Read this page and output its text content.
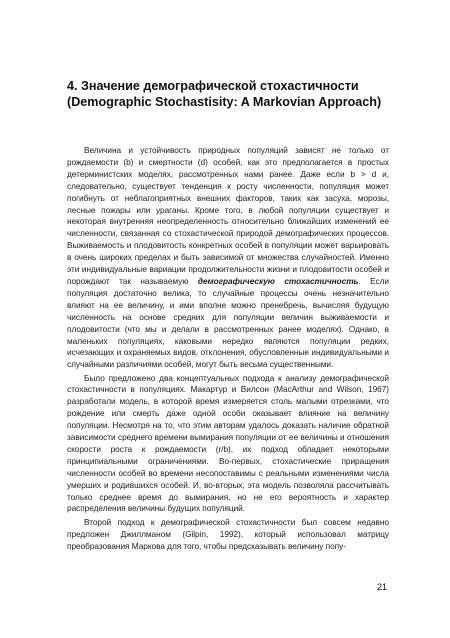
4. Значение демографической стохастичности
(Demographic Stochastisity: A Markovian Approach)

Величина и устойчивость природных популяций зависят не только от рождаемости (b) и смертности (d) особей, как это предполагается в простых детерминистских моделях, рассмотренных нами ранее. Даже если b > d и, следовательно, существует тенденция к росту численности, популяция может погибнуть от неблагоприятных внешних факторов, таких как засуха, морозы, лесные пожары или ураганы. Кроме того, в любой популяции существует и некоторая внутренняя неопределенность относительно ближайших изменений ее численности, связанная со стохастической природой демографических процессов. Выживаемость и плодовитость конкретных особей в популяции может варьировать в очень широких пределах и быть зависимой от множества случайностей. Именно эти индивидуальные вариации продолжительности жизни и плодовитости особей и порождают так называемую демографическую стохастичность. Если популяция достаточно велика, то случайные процессы очень незначительно влияют на ее величину, и ими вполне можно пренебречь, вычисляя будущую численность на основе средних для популяции величин выживаемости и плодовитости (что мы и делали в рассмотренных ранее моделях). Однако, в маленьких популяциях, каковыми нередко являются популяции редких, исчезающих и охраняемых видов, отклонения, обусловленные индивидуальными и случайными различиями особей, могут быть весьма существенными.

Было предложено два концептуальных подхода к анализу демографической стохастичности в популяциях. Макартур и Вилсон (MacArthur and Wilson, 1967) разработали модель, в которой время измеряется столь малыми отрезками, что рождение или смерть даже одной особи оказывает влияние на величину популяции. Несмотря на то, что этим авторам удалось доказать наличие обратной зависимости среднего времени вымирания популяции от ее величины и отношения скорости роста к рождаемости (r/b), их подход обладает некоторыми принципиальными ограничениями. Во-первых, стохастические приращения численности особей во времени несопоставимы с реальными изменениями числа умерших и родившихся особей. И, во-вторых, эта модель позволяла рассчитывать только среднее время до вымирания, но не его вероятность и характер распределения величины будущих популяций.

Второй подход к демографической стохастичности был совсем недавно предложен Джиллманом (Gilpin, 1992), который использовал матрицу преобразования Маркова для того, чтобы предсказывать величину попу-

21
